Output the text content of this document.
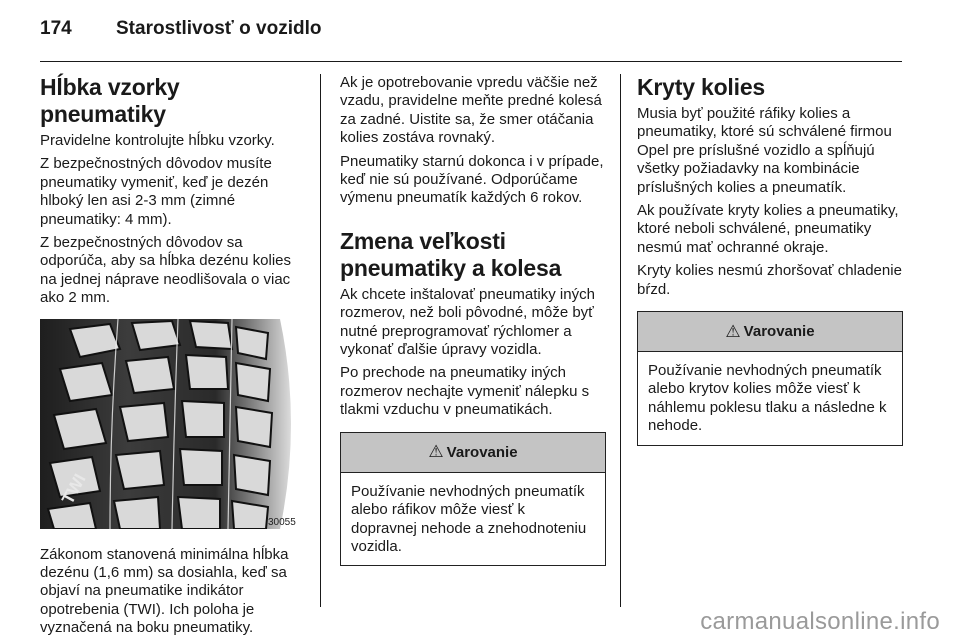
174	Starostlivosť o vozidlo
Hĺbka vzorky pneumatiky

Pravidelne kontrolujte hĺbku vzorky.

Z bezpečnostných dôvodov musíte pneumatiky vymeniť, keď je dezén hlboký len asi 2-3 mm (zimné pneumatiky: 4 mm).

Z bezpečnostných dôvodov sa odporúča, aby sa hĺbka dezénu kolies na jednej náprave neodlišovala o viac ako 2 mm.

TWI
30055

Zákonom stanovená minimálna hĺbka dezénu (1,6 mm) sa dosiahla, keď sa objaví na pneumatike indikátor opotrebenia (TWI). Ich poloha je vyznačená na boku pneumatiky.

Ak je opotrebovanie vpredu väčšie než vzadu, pravidelne meňte predné kolesá za zadné. Uistite sa, že smer otáčania kolies zostáva rovnaký.

Pneumatiky starnú dokonca i v prípade, keď nie sú používané. Odporúčame výmenu pneumatík každých 6 rokov.

Zmena veľkosti pneumatiky a kolesa

Ak chcete inštalovať pneumatiky iných rozmerov, než boli pôvodné, môže byť nutné preprogramovať rýchlomer a vykonať ďalšie úpravy vozidla.

Po prechode na pneumatiky iných rozmerov nechajte vymeniť nálepku s tlakmi vzduchu v pneumatikách.

⚠ Varovanie

Používanie nevhodných pneumatík alebo ráfikov môže viesť k dopravnej nehode a znehodnoteniu vozidla.

Kryty kolies

Musia byť použité ráfiky kolies a pneumatiky, ktoré sú schválené firmou Opel pre príslušné vozidlo a spĺňujú všetky požiadavky na kombinácie príslušných kolies a pneumatík.

Ak používate kryty kolies a pneumatiky, ktoré neboli schválené, pneumatiky nesmú mať ochranné okraje.

Kryty kolies nesmú zhoršovať chladenie bŕzd.

⚠ Varovanie

Používanie nevhodných pneumatík alebo krytov kolies môže viesť k náhlemu poklesu tlaku a následne k nehode.

carmanualsonline.info
